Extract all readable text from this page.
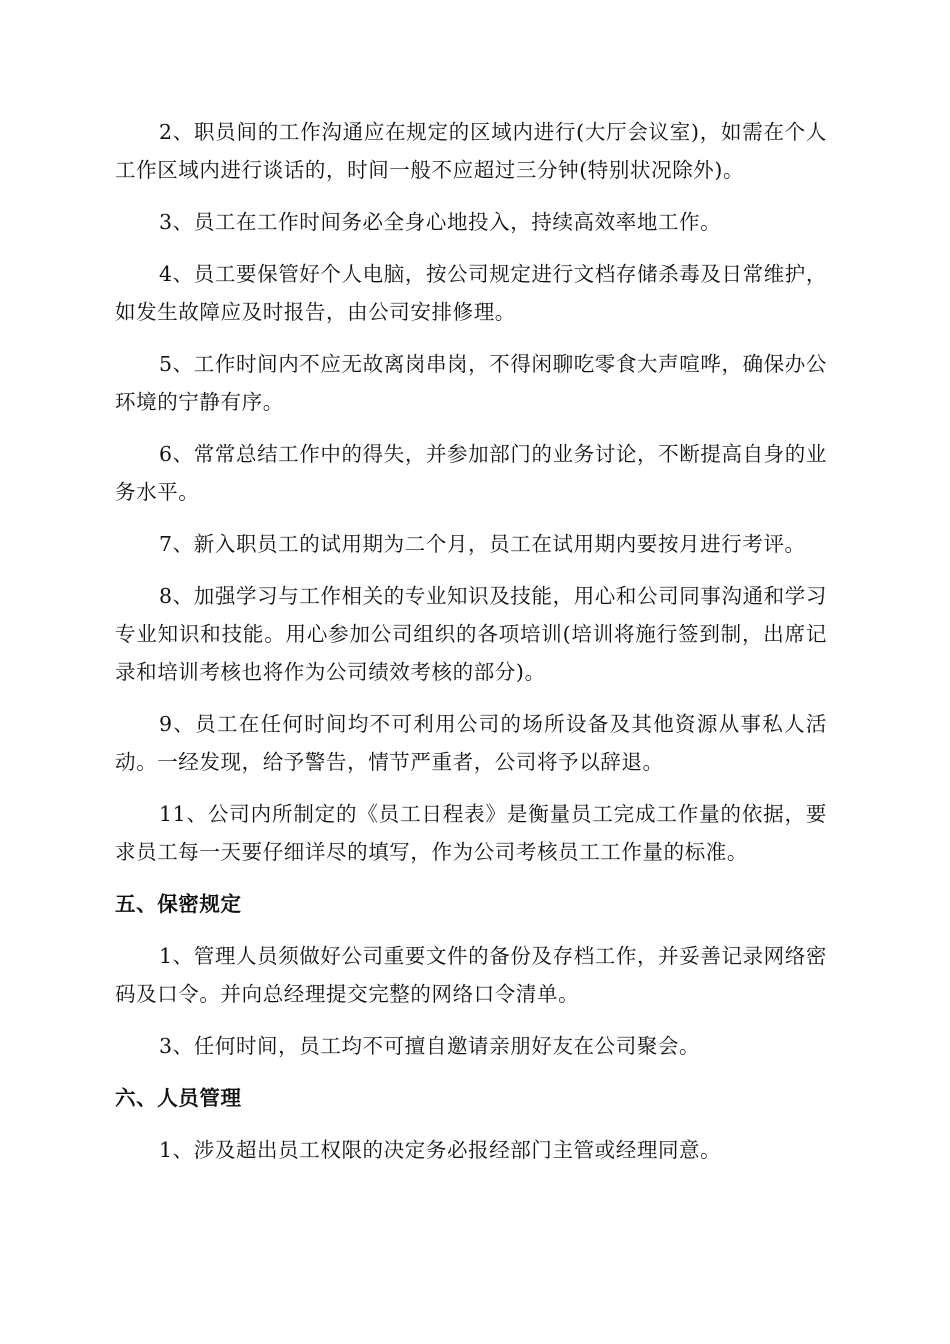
2、职员间的工作沟通应在规定的区域内进行(大厅会议室)，如需在个人工作区域内进行谈话的，时间一般不应超过三分钟(特别状况除外)。

3、员工在工作时间务必全身心地投入，持续高效率地工作。

4、员工要保管好个人电脑，按公司规定进行文档存储杀毒及日常维护，如发生故障应及时报告，由公司安排修理。

5、工作时间内不应无故离岗串岗，不得闲聊吃零食大声喧哗，确保办公环境的宁静有序。

6、常常总结工作中的得失，并参加部门的业务讨论，不断提高自身的业务水平。

7、新入职员工的试用期为二个月，员工在试用期内要按月进行考评。

8、加强学习与工作相关的专业知识及技能，用心和公司同事沟通和学习专业知识和技能。用心参加公司组织的各项培训(培训将施行签到制，出席记录和培训考核也将作为公司绩效考核的部分)。

9、员工在任何时间均不可利用公司的场所设备及其他资源从事私人活动。一经发现，给予警告，情节严重者，公司将予以辞退。

11、公司内所制定的《员工日程表》是衡量员工完成工作量的依据，要求员工每一天要仔细详尽的填写，作为公司考核员工工作量的标准。

五、保密规定

1、管理人员须做好公司重要文件的备份及存档工作，并妥善记录网络密码及口令。并向总经理提交完整的网络口令清单。

3、任何时间，员工均不可擅自邀请亲朋好友在公司聚会。

六、人员管理

1、涉及超出员工权限的决定务必报经部门主管或经理同意。
